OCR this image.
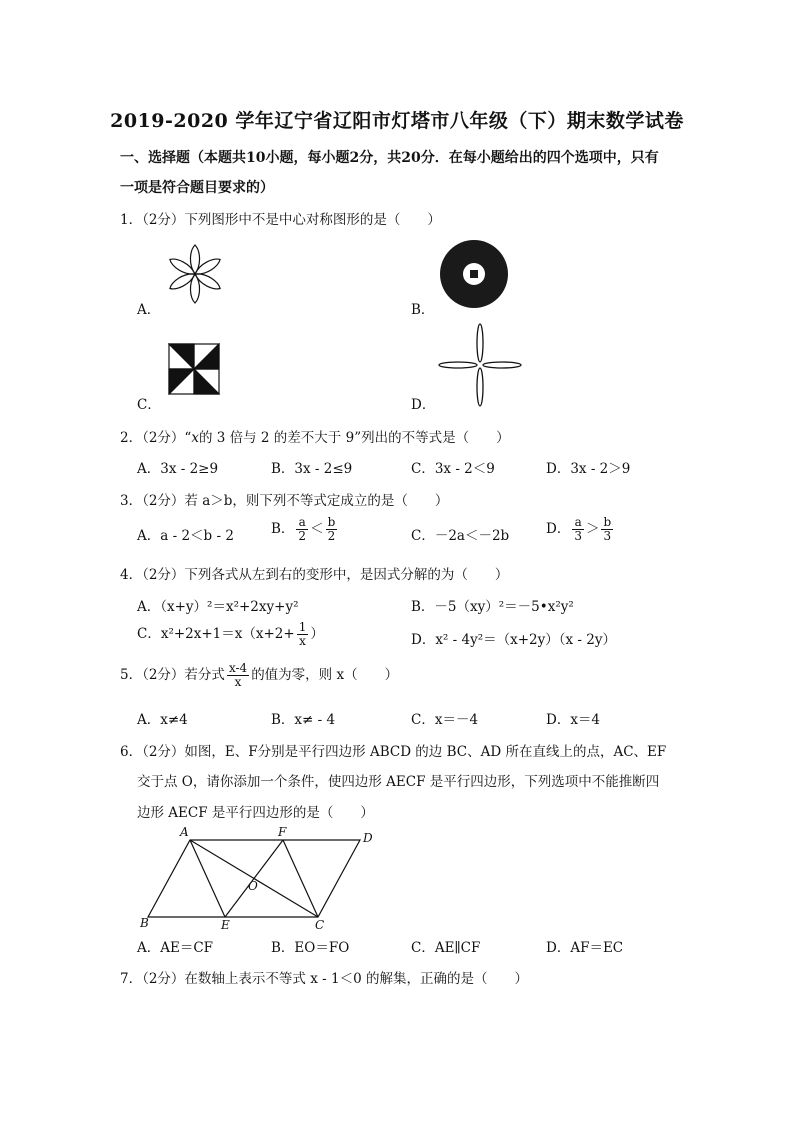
2019-2020 学年辽宁省辽阳市灯塔市八年级（下）期末数学试卷
一、选择题（本题共10小题，每小题2分，共20分．在每小题给出的四个选项中，只有
一项是符合题目要求的）
1．（2分）下列图形中不是中心对称图形的是（　　）
A．	B．
C．	D．
2．（2分）“x的 3 倍与 2 的差不大于 9”列出的不等式是（　　）
A．3x - 2≥9	B．3x - 2≤9	C．3x - 2＜9	D．3x - 2＞9
3．（2分）若 a＞b，则下列不等式定成立的是（　　）
A．a - 2＜b - 2	B． $\frac{a}{2} < \frac{b}{2}$	C．－2a＜－2b	D． $\frac{a}{3} > \frac{b}{3}$
4．（2分）下列各式从左到右的变形中，是因式分解的为（　　）
A．（x+y）²＝x²+2xy+y²	B．－5（xy）²＝－5•x²y²
C．$x^2+2x+1=x(x+2+ \frac{1}{x}$ ）	D．x² - 4y²＝（x+2y）（x - 2y）
5．（2分）若分式 $\frac{x-4}{x}$ 的值为零，则 x（　　）
A．x≠4	B．x≠ - 4	C．x＝－4	D．x＝4
6．（2分）如图，E、F分别是平行四边形 ABCD 的边 BC、AD 所在直线上的点，AC、EF
交于点 O，请你添加一个条件，使四边形 AECF 是平行四边形，下列选项中不能推断四
边形 AECF 是平行四边形的是（　　）
A	F	D
O
B	E	C
A．AE＝CF	B．EO＝FO	C．AE∥CF	D．AF＝EC
7．（2分）在数轴上表示不等式 x - 1＜0 的解集，正确的是（　　）
